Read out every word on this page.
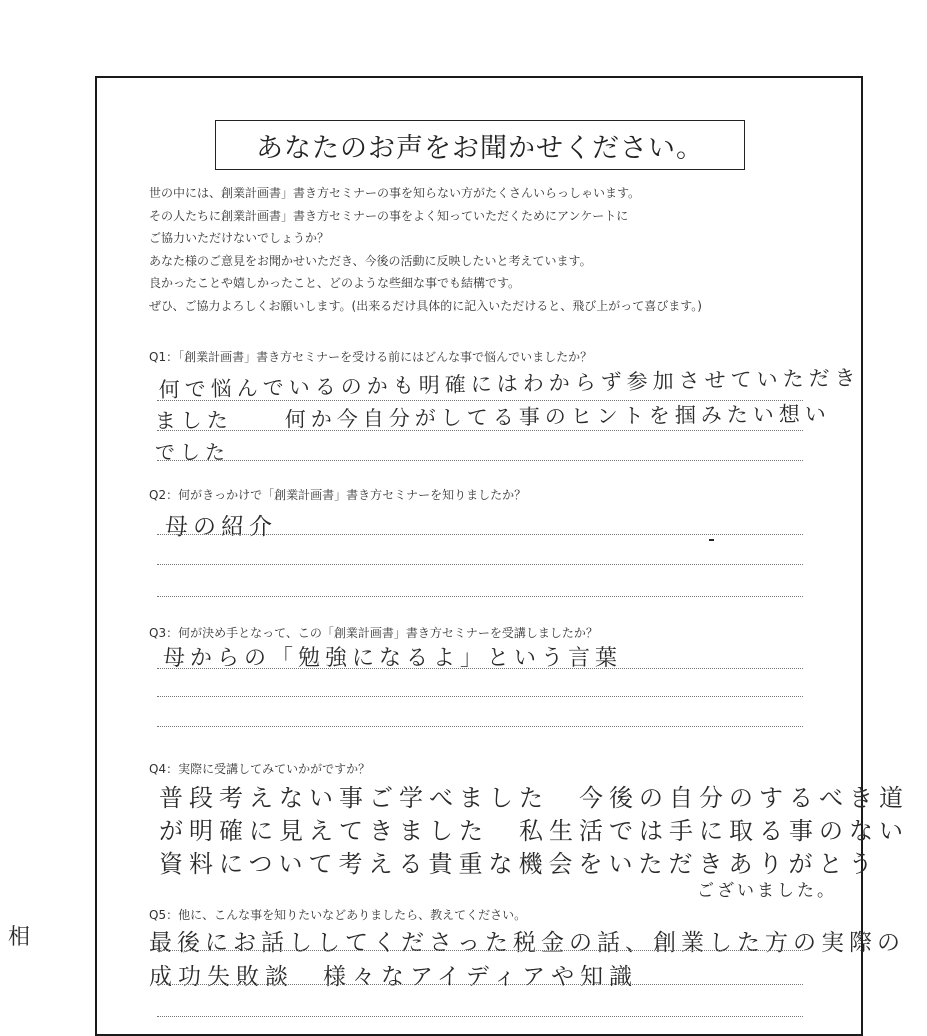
あなたのお声をお聞かせください。
世の中には、創業計画書」書き方セミナーの事を知らない方がたくさんいらっしゃいます。
その人たちに創業計画書」書き方セミナーの事をよく知っていただくためにアンケートに
ご協力いただけないでしょうか？
あなた様のご意見をお聞かせいただき、今後の活動に反映したいと考えています。
良かったことや嬉しかったこと、どのような些細な事でも結構です。
ぜひ、ご協力よろしくお願いします。(出来るだけ具体的に記入いただけると、飛び上がって喜びます。)
Q1：「創業計画書」書き方セミナーを受ける前にはどんな事で悩んでいましたか？
何で悩んでいるのかも明確にはわからず参加させていただき
ました　　何か今自分がしてる事のヒントを掴みたい想い
でした
Q2：何がきっかけで「創業計画書」書き方セミナーを知りましたか？
母の紹介
Q3：何が決め手となって、この「創業計画書」書き方セミナーを受講しましたか？
母からの「勉強になるよ」という言葉
Q4：実際に受講してみていかがですか？
普段考えない事ご学べました　今後の自分のするべき道
が明確に見えてきました　私生活では手に取る事のない
資料について考える貴重な機会をいただきありがとう
ございました。
Q5：他に、こんな事を知りたいなどありましたら、教えてください。
最後にお話ししてくださった税金の話、創業した方の実際の
成功失敗談　様々なアイディアや知識
相
